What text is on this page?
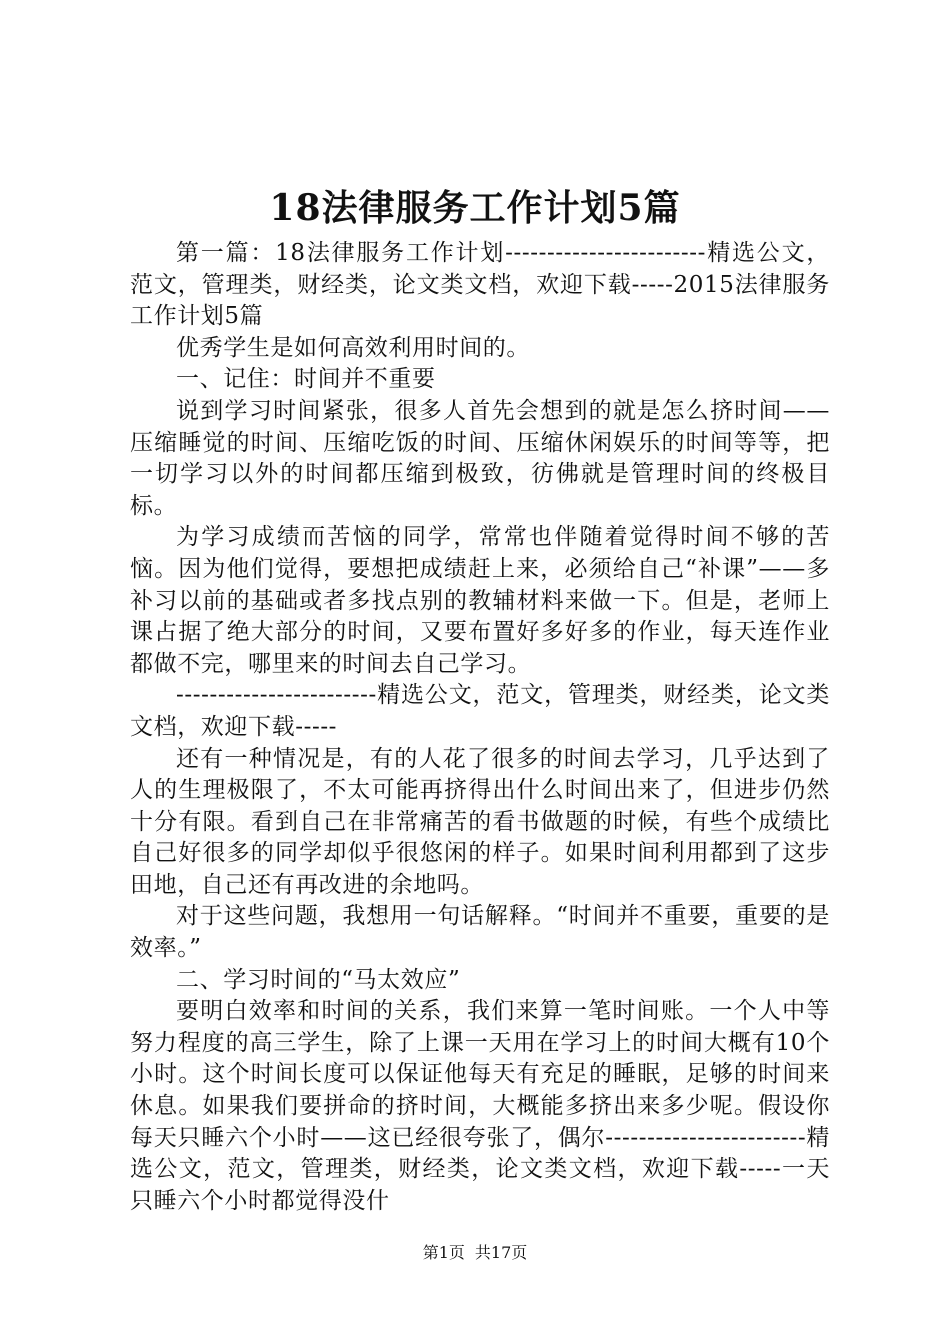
18法律服务工作计划5篇

第一篇：18法律服务工作计划------------------------精选公文，范文，管理类，财经类，论文类文档，欢迎下载-----2015法律服务工作计划5篇

优秀学生是如何高效利用时间的。

一、记住：时间并不重要

说到学习时间紧张，很多人首先会想到的就是怎么挤时间——压缩睡觉的时间、压缩吃饭的时间、压缩休闲娱乐的时间等等，把一切学习以外的时间都压缩到极致，彷佛就是管理时间的终极目标。

为学习成绩而苦恼的同学，常常也伴随着觉得时间不够的苦恼。因为他们觉得，要想把成绩赶上来，必须给自己“补课”——多补习以前的基础或者多找点别的教辅材料来做一下。但是，老师上课占据了绝大部分的时间，又要布置好多好多的作业，每天连作业都做不完，哪里来的时间去自己学习。

------------------------精选公文，范文，管理类，财经类，论文类文档，欢迎下载-----

还有一种情况是，有的人花了很多的时间去学习，几乎达到了人的生理极限了，不太可能再挤得出什么时间出来了，但进步仍然十分有限。看到自己在非常痛苦的看书做题的时候，有些个成绩比自己好很多的同学却似乎很悠闲的样子。如果时间利用都到了这步田地，自己还有再改进的余地吗。

对于这些问题，我想用一句话解释。“时间并不重要，重要的是效率。”

二、学习时间的“马太效应”

要明白效率和时间的关系，我们来算一笔时间账。一个人中等努力程度的高三学生，除了上课一天用在学习上的时间大概有10个小时。这个时间长度可以保证他每天有充足的睡眠，足够的时间来休息。如果我们要拼命的挤时间，大概能多挤出来多少呢。假设你每天只睡六个小时——这已经很夸张了，偶尔------------------------精选公文，范文，管理类，财经类，论文类文档，欢迎下载-----一天只睡六个小时都觉得没什

第1页 共17页
